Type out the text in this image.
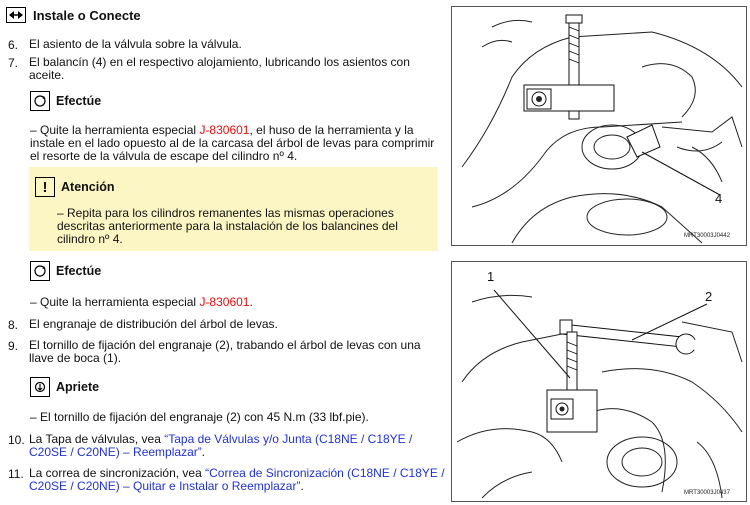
Instale o Conecte
6. El asiento de la válvula sobre la válvula.
7. El balancín (4) en el respectivo alojamiento, lubricando los asientos con aceite.
Efectúe
– Quite la herramienta especial J-830601, el huso de la herramienta y la instale en el lado opuesto al de la carcasa del árbol de levas para comprimir el resorte de la válvula de escape del cilindro nº 4.
!	Atención
– Repita para los cilindros remanentes las mismas operaciones descritas anteriormente para la instalación de los balancines del cilindro nº 4.
Efectúe
– Quite la herramienta especial J-830601.
8. El engranaje de distribución del árbol de levas.
9. El tornillo de fijación del engranaje (2), trabando el árbol de levas con una llave de boca (1).
Apriete
– El tornillo de fijación del engranaje (2) con 45 N.m (33 lbf.pie).
10. La Tapa de válvulas, vea “Tapa de Válvulas y/o Junta (C18NE / C18YE / C20SE / C20NE) – Reemplazar”.
11. La correa de sincronización, vea “Correa de Sincronización (C18NE / C18YE / C20SE / C20NE) – Quitar e Instalar o Reemplazar”.
4
MRT30003J0442
1
2
MRT30003J0437
